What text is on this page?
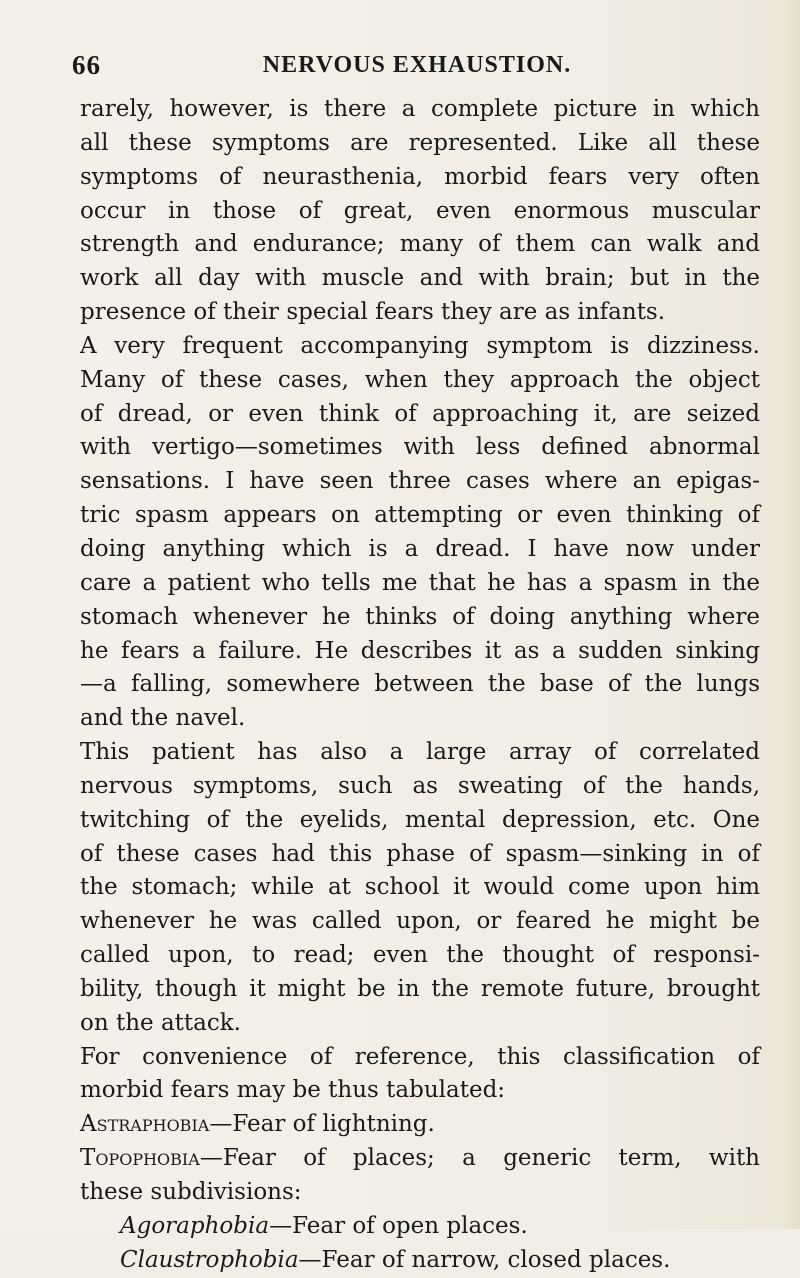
66	NERVOUS EXHAUSTION.
rarely, however, is there a complete picture in which
all these symptoms are represented. Like all these
symptoms of neurasthenia, morbid fears very often
occur in those of great, even enormous muscular
strength and endurance; many of them can walk and
work all day with muscle and with brain; but in the
presence of their special fears they are as infants.
A very frequent accompanying symptom is dizziness.
Many of these cases, when they approach the object
of dread, or even think of approaching it, are seized
with vertigo—sometimes with less defined abnormal
sensations. I have seen three cases where an epigas-
tric spasm appears on attempting or even thinking of
doing anything which is a dread. I have now under
care a patient who tells me that he has a spasm in the
stomach whenever he thinks of doing anything where
he fears a failure. He describes it as a sudden sinking
—a falling, somewhere between the base of the lungs
and the navel.
This patient has also a large array of correlated
nervous symptoms, such as sweating of the hands,
twitching of the eyelids, mental depression, etc. One
of these cases had this phase of spasm—sinking in of
the stomach; while at school it would come upon him
whenever he was called upon, or feared he might be
called upon, to read; even the thought of responsi-
bility, though it might be in the remote future, brought
on the attack.
For convenience of reference, this classification of
morbid fears may be thus tabulated:
Astraphobia—Fear of lightning.
Topophobia—Fear of places; a generic term, with
these subdivisions:
Agoraphobia—Fear of open places.
Claustrophobia—Fear of narrow, closed places.
